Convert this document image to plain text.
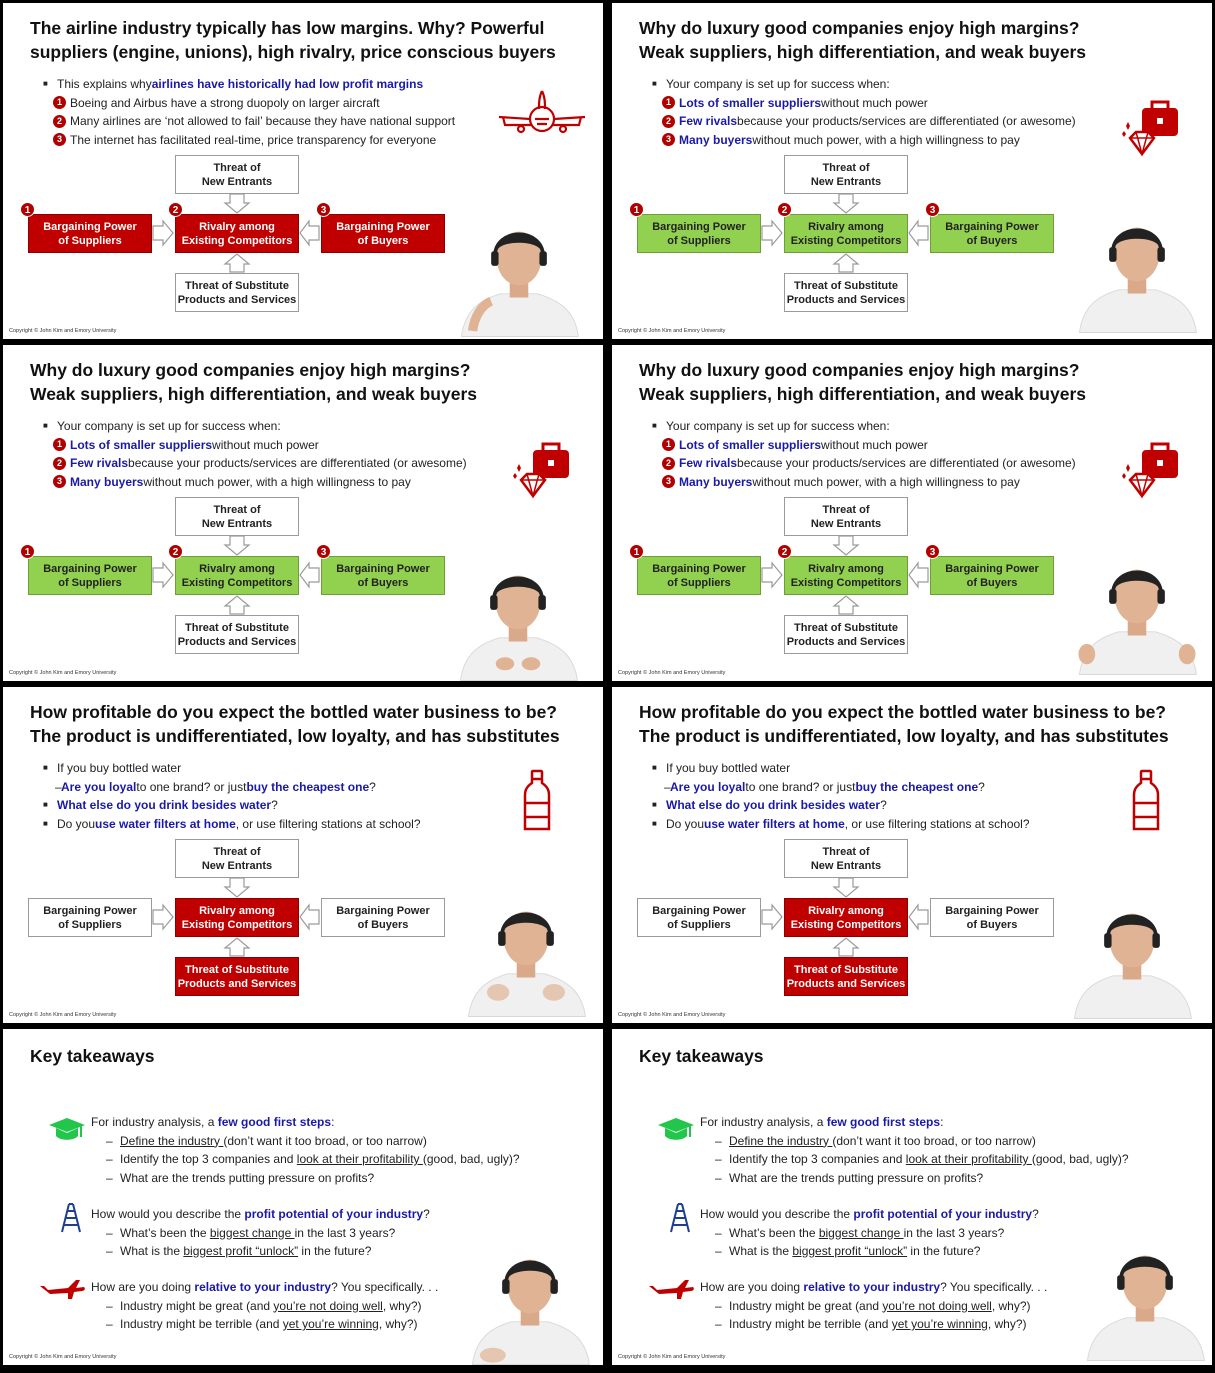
The airline industry typically has low margins. Why? Powerful
suppliers (engine, unions), high rivalry, price conscious buyers
■ This explains why airlines have historically had low profit margins
1 Boeing and Airbus have a strong duopoly on larger aircraft
2 Many airlines are ‘not allowed to fail’ because they have national support
3 The internet has facilitated real-time, price transparency for everyone
Threat of
New Entrants
Bargaining Power
of Suppliers
Rivalry among
Existing Competitors
Bargaining Power
of Buyers
Threat of Substitute
Products and Services
1	2	3
Copyright © John Kim and Emory University
Why do luxury good companies enjoy high margins?
Weak suppliers, high differentiation, and weak buyers
■ Your company is set up for success when:
1 Lots of smaller suppliers without much power
2 Few rivals because your products/services are differentiated (or awesome)
3 Many buyers without much power, with a high willingness to pay
Threat of
New Entrants
Bargaining Power
of Suppliers
Rivalry among
Existing Competitors
Bargaining Power
of Buyers
Threat of Substitute
Products and Services
1	2	3
Copyright © John Kim and Emory University
Why do luxury good companies enjoy high margins?
Weak suppliers, high differentiation, and weak buyers
■ Your company is set up for success when:
1 Lots of smaller suppliers without much power
2 Few rivals because your products/services are differentiated (or awesome)
3 Many buyers without much power, with a high willingness to pay
Threat of
New Entrants
Bargaining Power
of Suppliers
Rivalry among
Existing Competitors
Bargaining Power
of Buyers
Threat of Substitute
Products and Services
1	2	3
Copyright © John Kim and Emory University
Why do luxury good companies enjoy high margins?
Weak suppliers, high differentiation, and weak buyers
■ Your company is set up for success when:
1 Lots of smaller suppliers without much power
2 Few rivals because your products/services are differentiated (or awesome)
3 Many buyers without much power, with a high willingness to pay
Threat of
New Entrants
Bargaining Power
of Suppliers
Rivalry among
Existing Competitors
Bargaining Power
of Buyers
Threat of Substitute
Products and Services
1	2	3
Copyright © John Kim and Emory University
How profitable do you expect the bottled water business to be?
The product is undifferentiated, low loyalty, and has substitutes
■ If you buy bottled water
– Are you loyal to one brand? or just buy the cheapest one ?
■ What else do you drink besides water ?
■ Do you use water filters at home , or use filtering stations at school?
Threat of
New Entrants
Bargaining Power
of Suppliers
Rivalry among
Existing Competitors
Bargaining Power
of Buyers
Threat of Substitute
Products and Services
Copyright © John Kim and Emory University
How profitable do you expect the bottled water business to be?
The product is undifferentiated, low loyalty, and has substitutes
■ If you buy bottled water
– Are you loyal to one brand? or just buy the cheapest one ?
■ What else do you drink besides water ?
■ Do you use water filters at home , or use filtering stations at school?
Threat of
New Entrants
Bargaining Power
of Suppliers
Rivalry among
Existing Competitors
Bargaining Power
of Buyers
Threat of Substitute
Products and Services
Copyright © John Kim and Emory University
Key takeaways
For industry analysis, a few good first steps:
– Define the industry (don’t want it too broad, or too narrow)
– Identify the top 3 companies and look at their profitability (good, bad, ugly)?
– What are the trends putting pressure on profits?
How would you describe the profit potential of your industry?
– What’s been the biggest change in the last 3 years?
– What is the biggest profit “unlock” in the future?
How are you doing relative to your industry? You specifically. . .
– Industry might be great (and you’re not doing well, why?)
– Industry might be terrible (and yet you’re winning, why?)
Copyright © John Kim and Emory University
Key takeaways
For industry analysis, a few good first steps:
– Define the industry (don’t want it too broad, or too narrow)
– Identify the top 3 companies and look at their profitability (good, bad, ugly)?
– What are the trends putting pressure on profits?
How would you describe the profit potential of your industry?
– What’s been the biggest change in the last 3 years?
– What is the biggest profit “unlock” in the future?
How are you doing relative to your industry? You specifically. . .
– Industry might be great (and you’re not doing well, why?)
– Industry might be terrible (and yet you’re winning, why?)
Copyright © John Kim and Emory University
